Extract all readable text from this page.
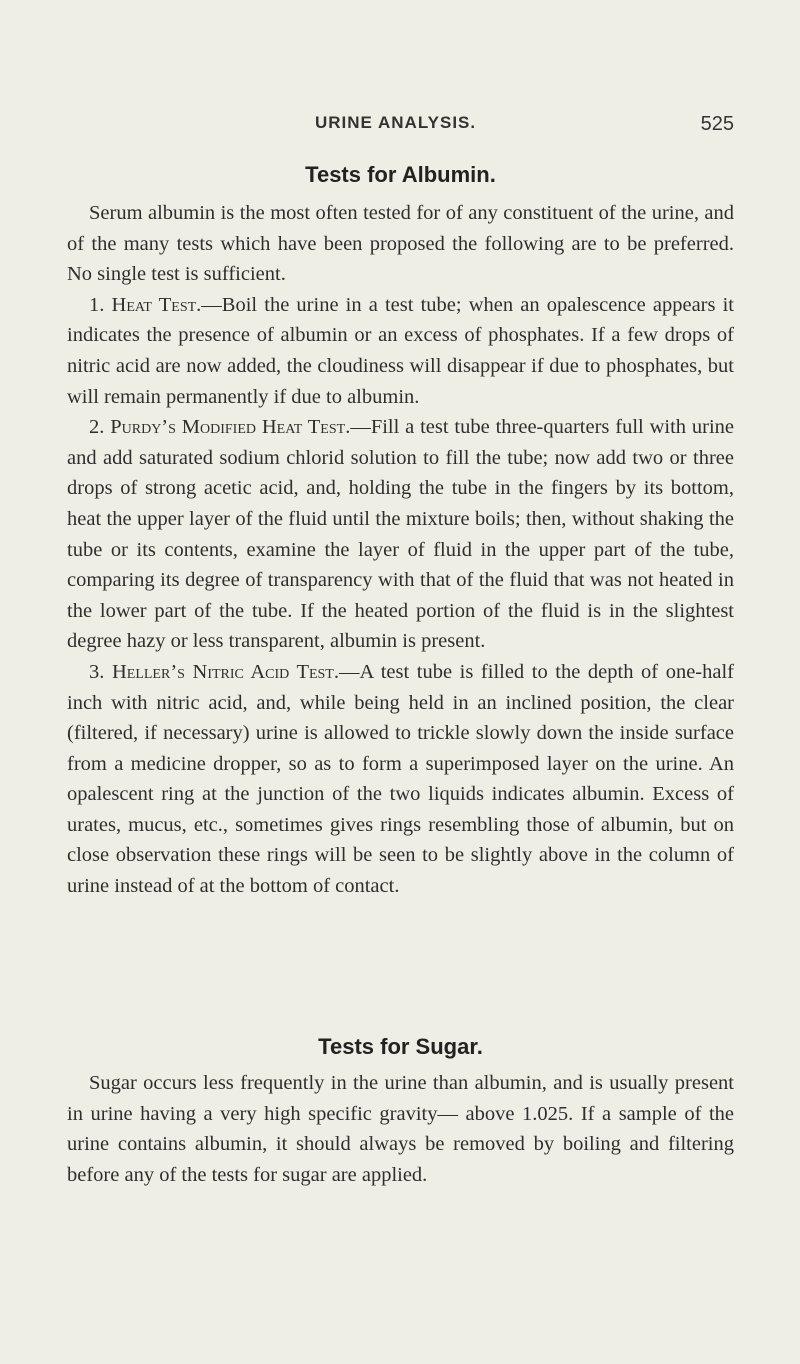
URINE ANALYSIS.	525
Tests for Albumin.

Serum albumin is the most often tested for of any constituent of the urine, and of the many tests which have been proposed the following are to be preferred. No single test is sufficient.

1. Heat Test.—Boil the urine in a test tube; when an opalescence appears it indicates the presence of albumin or an excess of phosphates. If a few drops of nitric acid are now added, the cloudiness will disappear if due to phosphates, but will remain permanently if due to albumin.

2. Purdy’s Modified Heat Test.—Fill a test tube three-quarters full with urine and add saturated sodium chlorid solution to fill the tube; now add two or three drops of strong acetic acid, and, holding the tube in the fingers by its bottom, heat the upper layer of the fluid until the mixture boils; then, without shaking the tube or its contents, examine the layer of fluid in the upper part of the tube, comparing its degree of transparency with that of the fluid that was not heated in the lower part of the tube. If the heated portion of the fluid is in the slightest degree hazy or less transparent, albumin is present.

3. Heller’s Nitric Acid Test.—A test tube is filled to the depth of one-half inch with nitric acid, and, while being held in an inclined position, the clear (filtered, if necessary) urine is allowed to trickle slowly down the inside surface from a medicine dropper, so as to form a superimposed layer on the urine. An opalescent ring at the junction of the two liquids indicates albumin. Excess of urates, mucus, etc., sometimes gives rings resembling those of albumin, but on close observation these rings will be seen to be slightly above in the column of urine instead of at the bottom of contact.

Tests for Sugar.

Sugar occurs less frequently in the urine than albumin, and is usually present in urine having a very high specific gravity— above 1.025. If a sample of the urine contains albumin, it should always be removed by boiling and filtering before any of the tests for sugar are applied.
